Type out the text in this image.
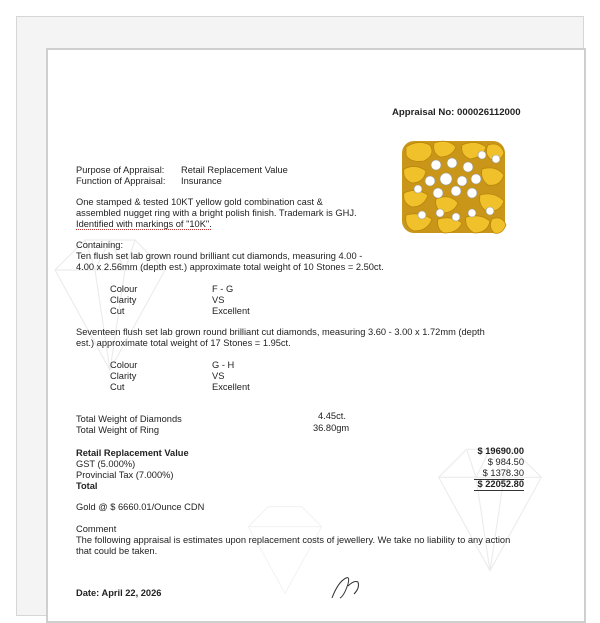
Appraisal No: 000026112000
Purpose of Appraisal: Retail Replacement Value
Function of Appraisal: Insurance
One stamped & tested 10KT yellow gold combination cast &
assembled nugget ring with a bright polish finish. Trademark is GHJ.
Identified with markings of "10K".
Containing:
Ten flush set lab grown round brilliant cut diamonds, measuring 4.00 -
4.00 x 2.56mm (depth est.) approximate total weight of 10 Stones = 2.50ct.
Colour	F - G
Clarity	VS
Cut	Excellent
Seventeen flush set lab grown round brilliant cut diamonds, measuring 3.60 - 3.00 x 1.72mm (depth
est.) approximate total weight of 17 Stones = 1.95ct.
Colour	G - H
Clarity	VS
Cut	Excellent
Total Weight of Diamonds	4.45ct.
Total Weight of Ring	36.80gm
Retail Replacement Value	$ 19690.00
GST (5.000%)	$ 984.50
Provincial Tax (7.000%)	$ 1378.30
Total	$ 22052.80
Gold @ $ 6660.01/Ounce CDN
Comment
The following appraisal is estimates upon replacement costs of jewellery. We take no liability to any action
that could be taken.
Date: April 22, 2026
